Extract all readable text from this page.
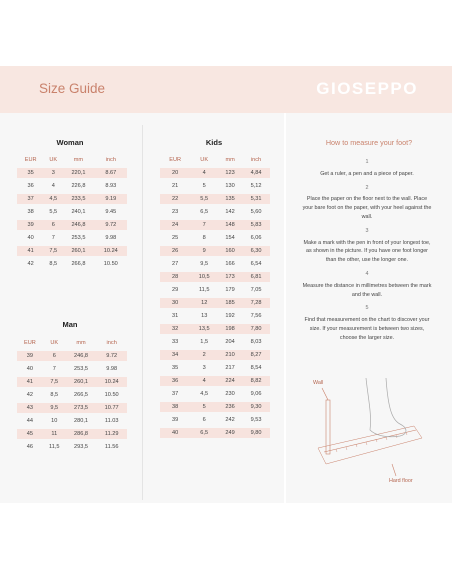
Size Guide	GIOSEPPO
Woman
EUR	UK	mm	inch
35	3	220,1	8.67
36	4	226,8	8.93
37	4,5	233,5	9.19
38	5,5	240,1	9.45
39	6	246,8	9.72
40	7	253,5	9.98
41	7,5	260,1	10.24
42	8,5	266,8	10.50
Man
EUR	UK	mm	inch
39	6	246,8	9.72
40	7	253,5	9.98
41	7,5	260,1	10.24
42	8,5	266,5	10.50
43	9,5	273,5	10.77
44	10	280,1	11.03
45	11	286,8	11.29
46	11,5	293,5	11.56
Kids
EUR	UK	mm	inch
20	4	123	4,84
21	5	130	5,12
22	5,5	135	5,31
23	6,5	142	5,60
24	7	148	5,83
25	8	154	6,06
26	9	160	6,30
27	9,5	166	6,54
28	10,5	173	6,81
29	11,5	179	7,05
30	12	185	7,28
31	13	192	7,56
32	13,5	198	7,80
33	1,5	204	8,03
34	2	210	8,27
35	3	217	8,54
36	4	224	8,82
37	4,5	230	9,06
38	5	236	9,30
39	6	242	9,53
40	6,5	249	9,80
How to measure your foot?
1
Get a ruler, a pen and a piece of paper.
2
Place the paper on the floor next to the wall. Place your bare foot on the paper, with your heel against the wall.
3
Make a mark with the pen in front of your longest toe, as shown in the picture. If you have one foot longer than the other, use the longer one.
4
Measure the distance in millimetres between the mark and the wall.
5
Find that measurement on the chart to discover your size. If your measurement is between two sizes, choose the larger size.
Wall
Hard floor
